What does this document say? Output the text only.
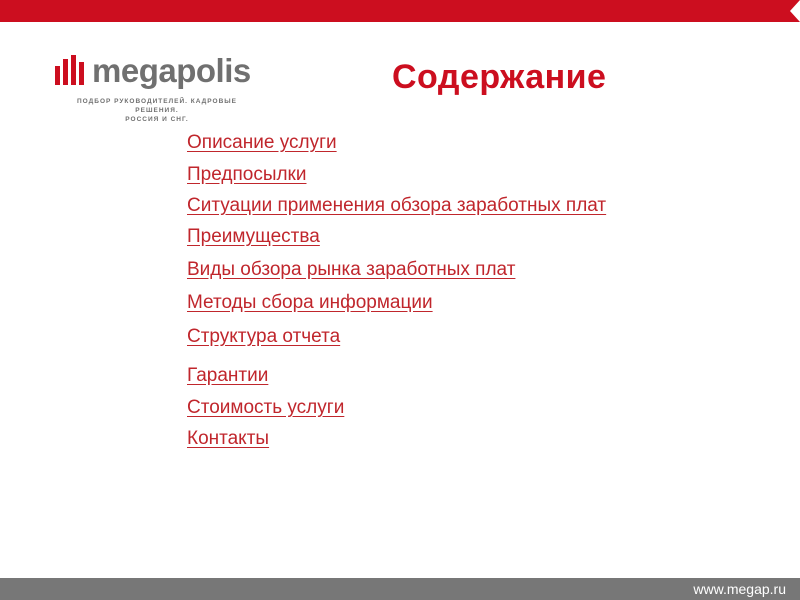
megapolis
ПОДБОР РУКОВОДИТЕЛЕЙ. КАДРОВЫЕ РЕШЕНИЯ.
РОССИЯ И СНГ.
Содержание
Описание услуги
Предпосылки
Ситуации применения обзора заработных плат
Преимущества
Виды обзора рынка заработных плат
Методы сбора информации
Структура отчета
Гарантии
Стоимость услуги
Контакты
www.megap.ru
